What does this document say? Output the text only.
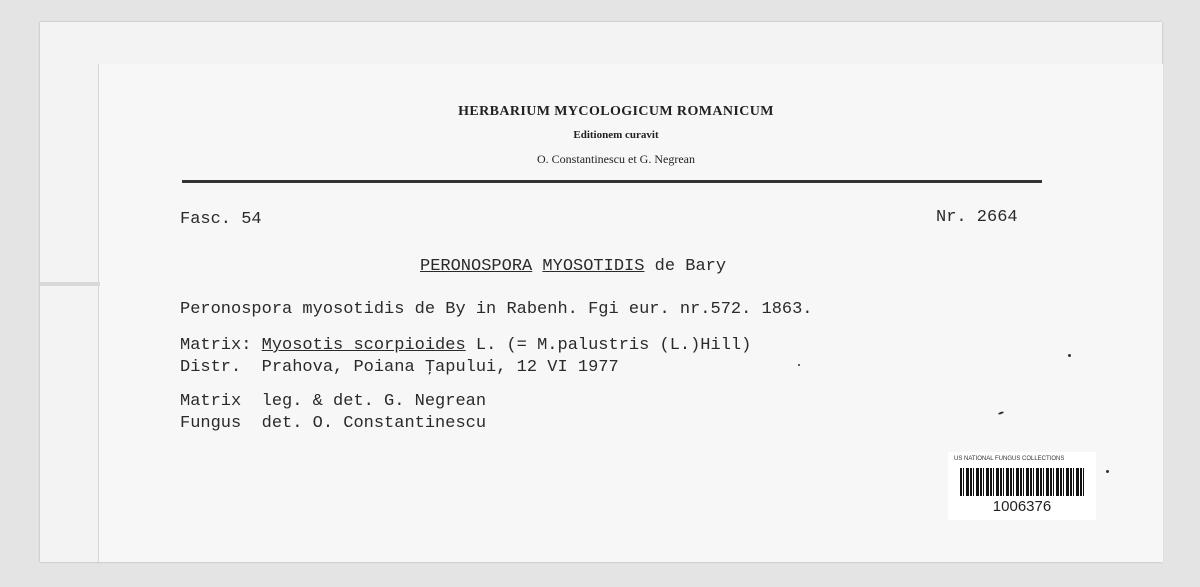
HERBARIUM MYCOLOGICUM ROMANICUM
Editionem curavit
O. Constantinescu et G. Negrean
Fasc. 54	Nr. 2664
PERONOSPORA MYOSOTIDIS de Bary
Peronospora myosotidis de By in Rabenh. Fgi eur. nr.572. 1863.
Matrix: Myosotis scorpioides L. (= M.palustris (L.)Hill)
Distr. Prahova, Poiana Ţapului, 12 VI 1977
Matrix leg. & det. G. Negrean
Fungus det. O. Constantinescu
US NATIONAL FUNGUS COLLECTIONS
1006376
